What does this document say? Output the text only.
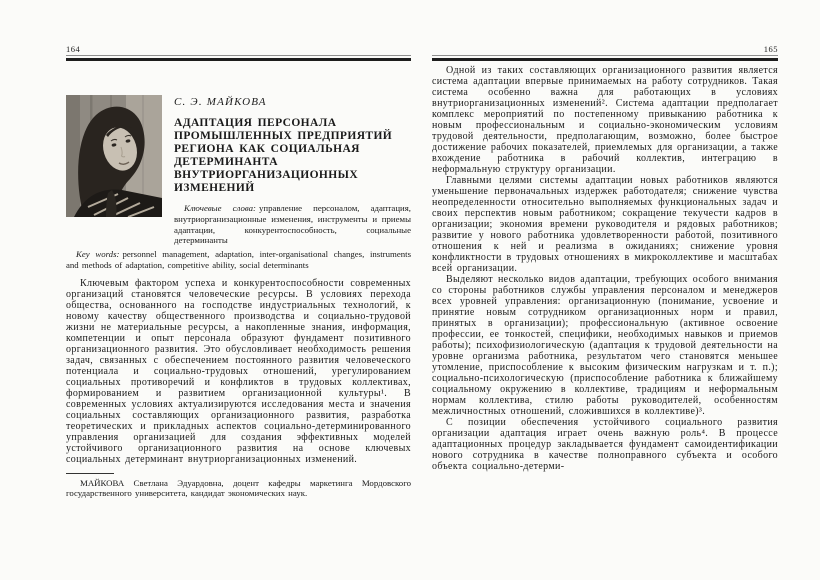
164
С. Э. МАЙКОВА
АДАПТАЦИЯ ПЕРСОНАЛА ПРОМЫШЛЕННЫХ ПРЕДПРИЯТИЙ РЕГИОНА КАК СОЦИАЛЬНАЯ ДЕТЕРМИНАНТА ВНУТРИОРГАНИЗАЦИОННЫХ ИЗМЕНЕНИЙ

Ключевые слова: управление персоналом, адаптация, внутриорганизационные изменения, инструменты и приемы адаптации, конкурентоспособность, социальные детерминанты

Key words: personnel management, adaptation, inter-organisational changes, instruments and methods of adaptation, competitive ability, social determinants

Ключевым фактором успеха и конкурентоспособности современных организаций становятся человеческие ресурсы. В условиях перехода общества, основанного на господстве индустриальных технологий, к новому качеству общественного производства и социально-трудовой жизни не материальные ресурсы, а накопленные знания, информация, компетенции и опыт персонала образуют фундамент позитивного организационного развития. Это обусловливает необходимость решения задач, связанных с обеспечением постоянного развития человеческого потенциала и социально-трудовых отношений, урегулированием социальных противоречий и конфликтов в трудовых коллективах, формированием и развитием организационной культуры¹. В современных условиях актуализируются исследования места и значения социальных составляющих организационного развития, разработка теоретических и прикладных аспектов социально-детерминированного управления организацией для создания эффективных моделей устойчивого организационного развития на основе ключевых социальных детерминант внутриорганизационных изменений.

МАЙКОВА Светлана Эдуардовна, доцент кафедры маркетинга Мордовского государственного университета, кандидат экономических наук.

165

Одной из таких составляющих организационного развития является система адаптации впервые принимаемых на работу сотрудников. Такая система особенно важна для работающих в условиях внутриорганизационных изменений². Система адаптации предполагает комплекс мероприятий по постепенному привыканию работника к новым профессиональным и социально-экономическим условиям трудовой деятельности, предполагающим, возможно, более быстрое достижение рабочих показателей, приемлемых для организации, а также вхождение работника в рабочий коллектив, интеграцию в неформальную структуру организации.

Главными целями системы адаптации новых работников являются уменьшение первоначальных издержек работодателя; снижение чувства неопределенности относительно выполняемых функциональных задач и своих перспектив новым работником; сокращение текучести кадров в организации; экономия времени руководителя и рядовых работников; развитие у нового работника удовлетворенности работой, позитивного отношения к ней и реализма в ожиданиях; снижение уровня конфликтности в трудовых отношениях в микроколлективе и масштабах всей организации.

Выделяют несколько видов адаптации, требующих особого внимания со стороны работников службы управления персоналом и менеджеров всех уровней управления: организационную (понимание, усвоение и принятие новым сотрудником организационных норм и правил, принятых в организации); профессиональную (активное освоение профессии, ее тонкостей, специфики, необходимых навыков и приемов работы); психофизиологическую (адаптация к трудовой деятельности на уровне организма работника, результатом чего становятся меньшее утомление, приспособление к высоким физическим нагрузкам и т. п.); социально-психологическую (приспособление работника к ближайшему социальному окружению в коллективе, традициям и неформальным нормам коллектива, стилю работы руководителей, особенностям межличностных отношений, сложившихся в коллективе)³.

С позиции обеспечения устойчивого социального развития организации адаптация играет очень важную роль⁴. В процессе адаптационных процедур закладывается фундамент самоидентификации нового сотрудника в качестве полноправного субъекта и особого объекта социально-детерми-
